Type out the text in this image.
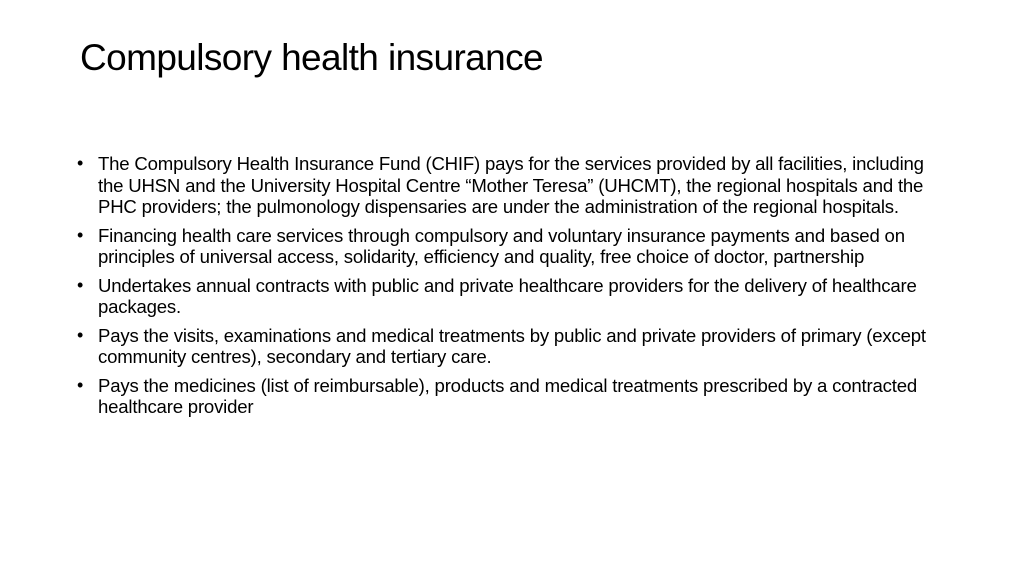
Compulsory health insurance
• The Compulsory Health Insurance Fund (CHIF) pays for the services provided by all facilities, including the UHSN and the University Hospital Centre “Mother Teresa” (UHCMT), the regional hospitals and the PHC providers; the pulmonology dispensaries are under the administration of the regional hospitals.
• Financing health care services through compulsory and voluntary insurance payments and based on principles of universal access, solidarity, efficiency and quality, free choice of doctor, partnership
• Undertakes annual contracts with public and private healthcare providers for the delivery of healthcare packages.
• Pays the visits, examinations and medical treatments by public and private providers of primary (except community centres), secondary and tertiary care.
• Pays the medicines (list of reimbursable), products and medical treatments prescribed by a contracted healthcare provider
